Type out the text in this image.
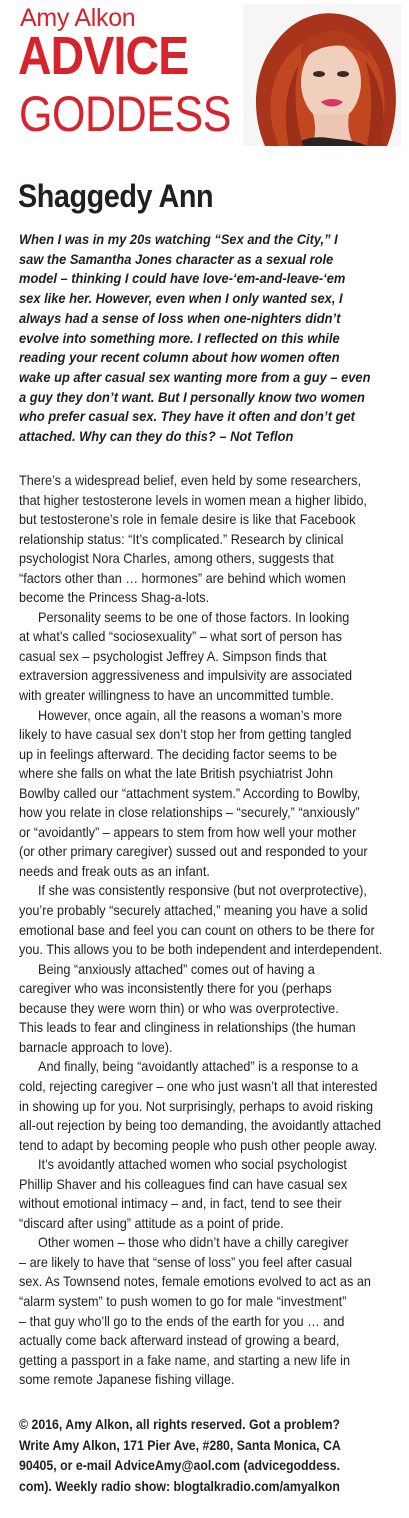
Amy Alkon
ADVICE
GODDESS
Shaggedy Ann
When I was in my 20s watching “Sex and the City,” I
saw the Samantha Jones character as a sexual role
model – thinking I could have love-‘em-and-leave-‘em
sex like her. However, even when I only wanted sex, I
always had a sense of loss when one-nighters didn’t
evolve into something more. I reflected on this while
reading your recent column about how women often
wake up after casual sex wanting more from a guy – even
a guy they don’t want. But I personally know two women
who prefer casual sex. They have it often and don’t get
attached. Why can they do this? – Not Teflon
There’s a widespread belief, even held by some researchers,
that higher testosterone levels in women mean a higher libido,
but testosterone’s role in female desire is like that Facebook
relationship status: “It’s complicated.” Research by clinical
psychologist Nora Charles, among others, suggests that
“factors other than … hormones” are behind which women
become the Princess Shag-a-lots.
Personality seems to be one of those factors. In looking
at what’s called “sociosexuality” – what sort of person has
casual sex – psychologist Jeffrey A. Simpson finds that
extraversion aggressiveness and impulsivity are associated
with greater willingness to have an uncommitted tumble.
However, once again, all the reasons a woman’s more
likely to have casual sex don’t stop her from getting tangled
up in feelings afterward. The deciding factor seems to be
where she falls on what the late British psychiatrist John
Bowlby called our “attachment system.” According to Bowlby,
how you relate in close relationships – “securely,” “anxiously”
or “avoidantly” – appears to stem from how well your mother
(or other primary caregiver) sussed out and responded to your
needs and freak outs as an infant.
If she was consistently responsive (but not overprotective),
you’re probably “securely attached,” meaning you have a solid
emotional base and feel you can count on others to be there for
you. This allows you to be both independent and interdependent.
Being “anxiously attached” comes out of having a
caregiver who was inconsistently there for you (perhaps
because they were worn thin) or who was overprotective.
This leads to fear and clinginess in relationships (the human
barnacle approach to love).
And finally, being “avoidantly attached” is a response to a
cold, rejecting caregiver – one who just wasn’t all that interested
in showing up for you. Not surprisingly, perhaps to avoid risking
all-out rejection by being too demanding, the avoidantly attached
tend to adapt by becoming people who push other people away.
It’s avoidantly attached women who social psychologist
Phillip Shaver and his colleagues find can have casual sex
without emotional intimacy – and, in fact, tend to see their
“discard after using” attitude as a point of pride.
Other women – those who didn’t have a chilly caregiver
– are likely to have that “sense of loss” you feel after casual
sex. As Townsend notes, female emotions evolved to act as an
“alarm system” to push women to go for male “investment”
– that guy who’ll go to the ends of the earth for you … and
actually come back afterward instead of growing a beard,
getting a passport in a fake name, and starting a new life in
some remote Japanese fishing village.
© 2016, Amy Alkon, all rights reserved. Got a problem?
Write Amy Alkon, 171 Pier Ave, #280, Santa Monica, CA
90405, or e-mail AdviceAmy@aol.com (advicegoddess.
com). Weekly radio show: blogtalkradio.com/amyalkon
